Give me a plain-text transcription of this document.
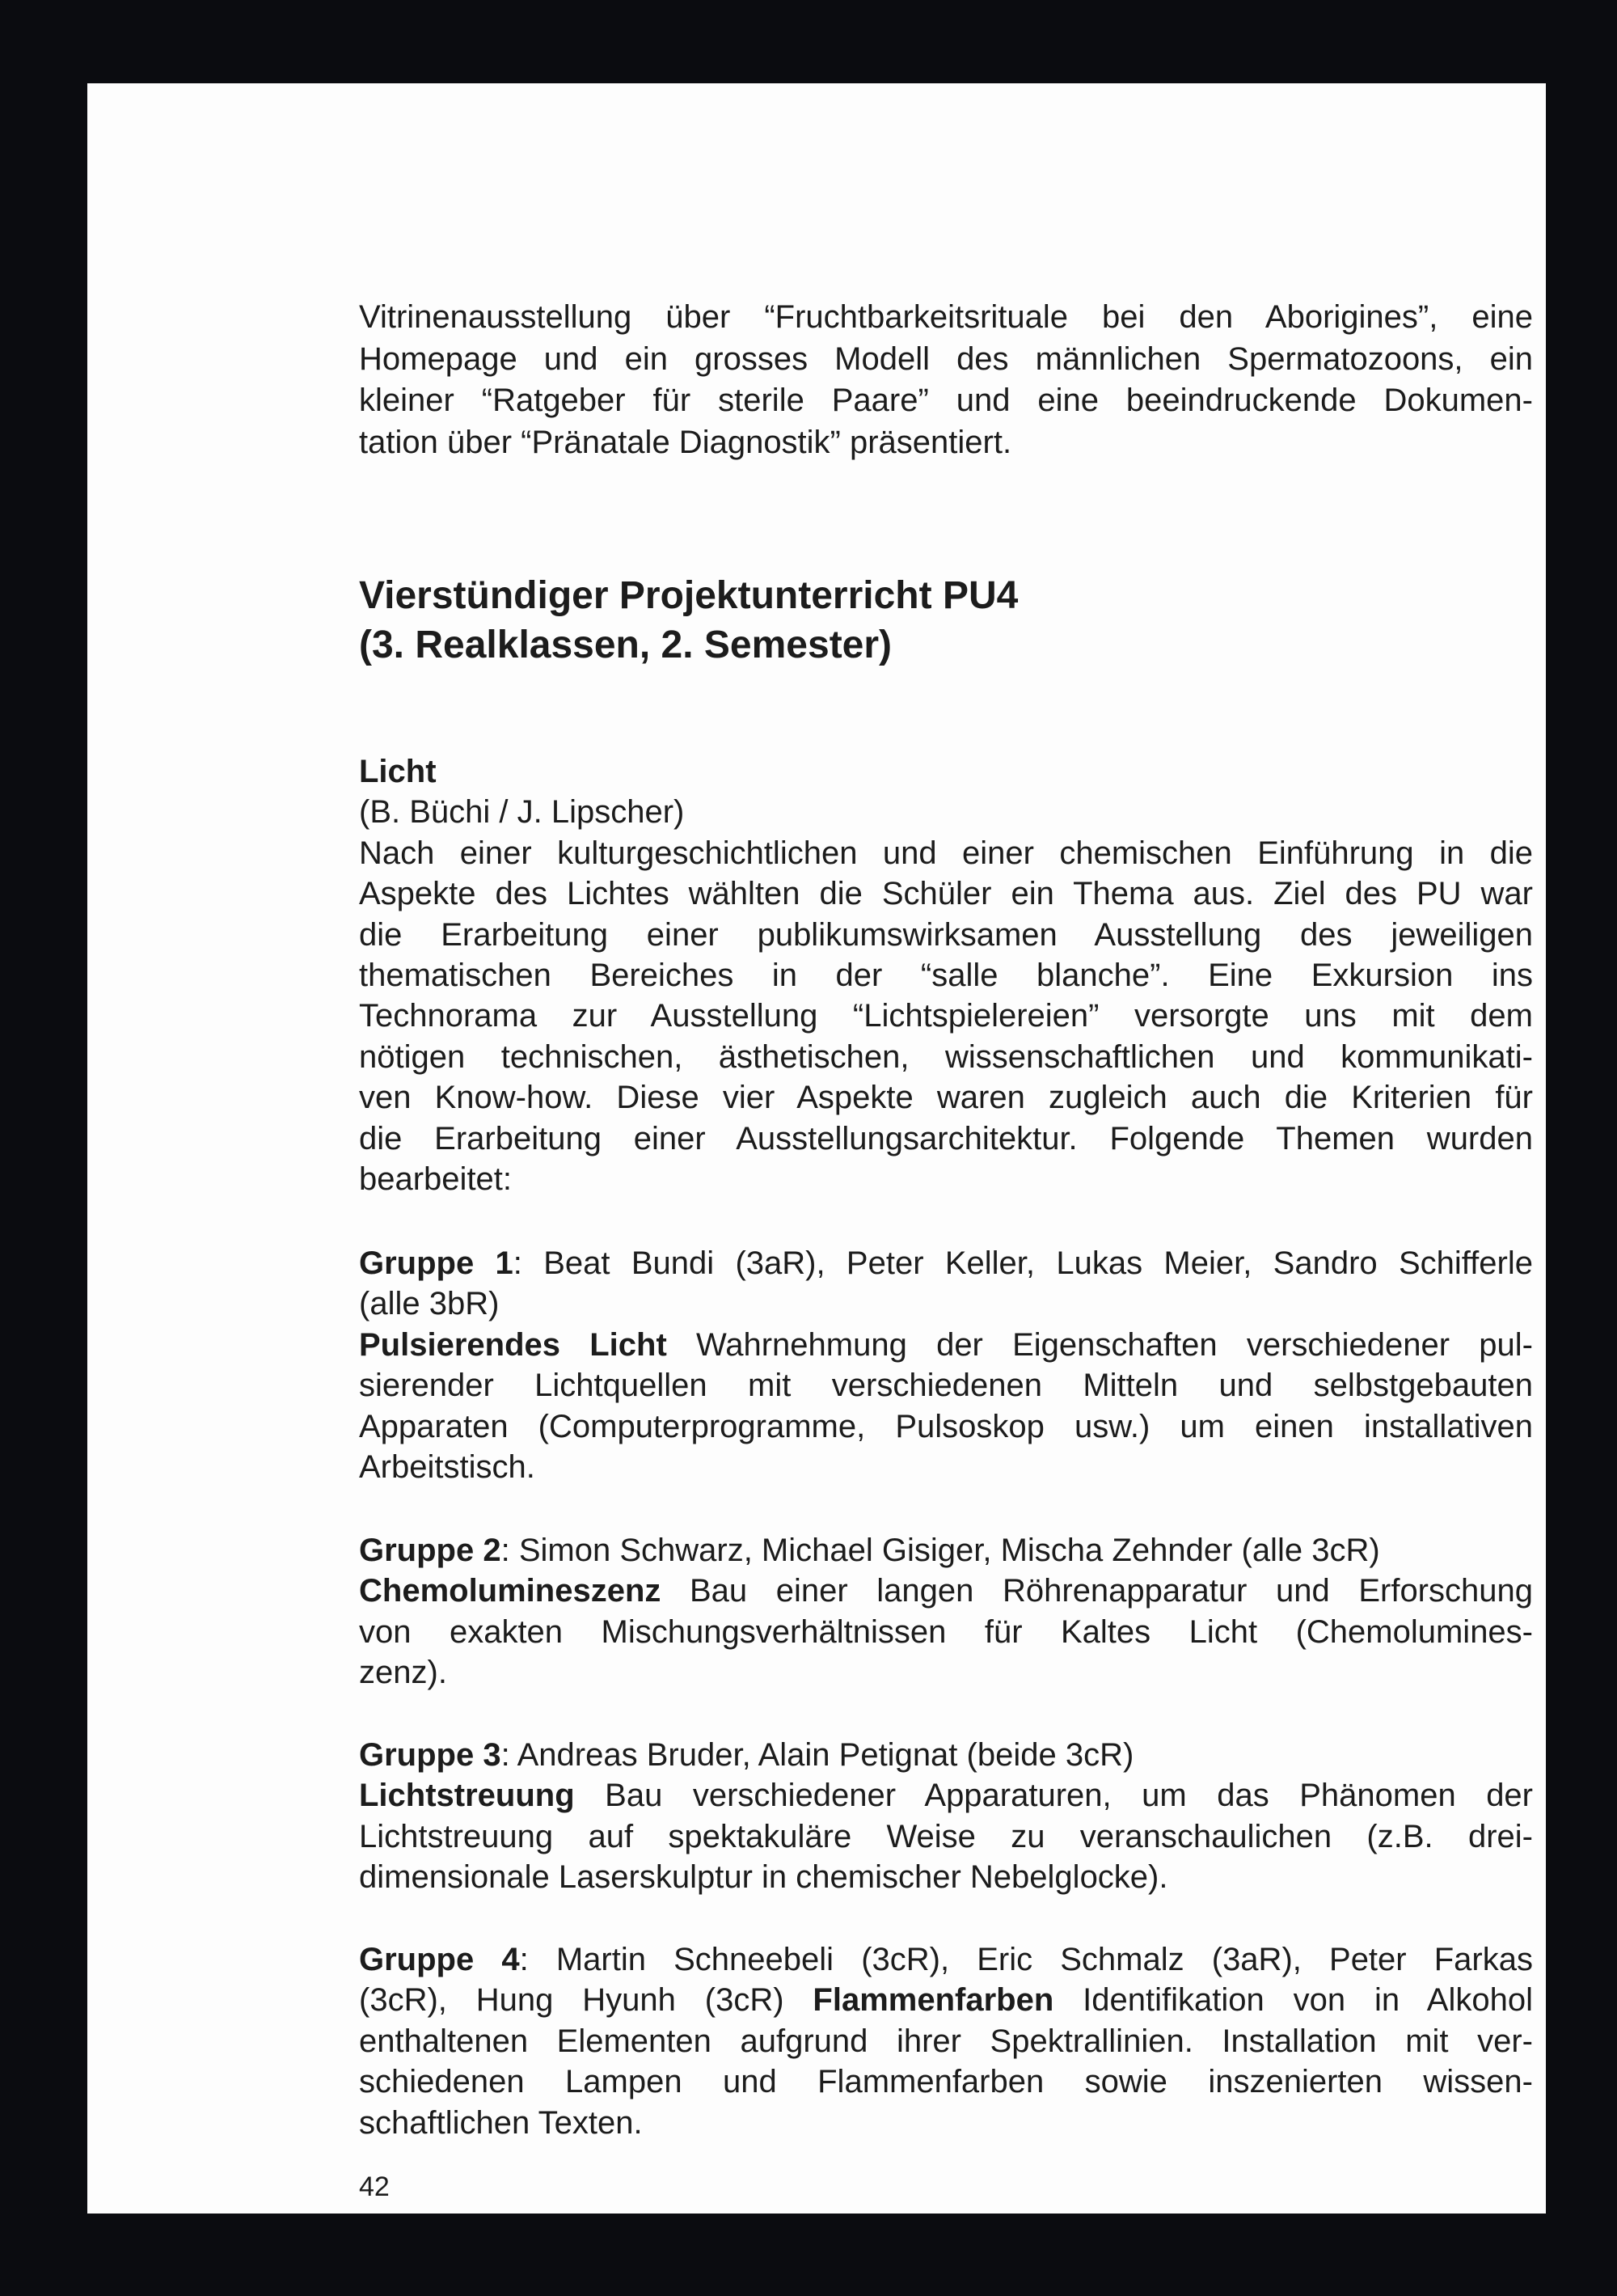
Vitrinenausstellung über “Fruchtbarkeitsrituale bei den Aborigines”, eine
Homepage und ein grosses Modell des männlichen Spermatozoons, ein
kleiner “Ratgeber für sterile Paare” und eine beeindruckende Dokumen-
tation über “Pränatale Diagnostik” präsentiert.
Vierstündiger Projektunterricht PU4
(3. Realklassen, 2. Semester)
Licht
(B. Büchi / J. Lipscher)
Nach einer kulturgeschichtlichen und einer chemischen Einführung in die
Aspekte des Lichtes wählten die Schüler ein Thema aus. Ziel des PU war
die Erarbeitung einer publikumswirksamen Ausstellung des jeweiligen
thematischen Bereiches in der “salle blanche”. Eine Exkursion ins
Technorama zur Ausstellung “Lichtspielereien” versorgte uns mit dem
nötigen technischen, ästhetischen, wissenschaftlichen und kommunikati-
ven Know-how. Diese vier Aspekte waren zugleich auch die Kriterien für
die Erarbeitung einer Ausstellungsarchitektur. Folgende Themen wurden
bearbeitet:
Gruppe 1: Beat Bundi (3aR), Peter Keller, Lukas Meier, Sandro Schifferle
(alle 3bR)
Pulsierendes Licht Wahrnehmung der Eigenschaften verschiedener pul-
sierender Lichtquellen mit verschiedenen Mitteln und selbstgebauten
Apparaten (Computerprogramme, Pulsoskop usw.) um einen installativen
Arbeitstisch.
Gruppe 2: Simon Schwarz, Michael Gisiger, Mischa Zehnder (alle 3cR)
Chemolumineszenz Bau einer langen Röhrenapparatur und Erforschung
von exakten Mischungsverhältnissen für Kaltes Licht (Chemolumines-
zenz).
Gruppe 3: Andreas Bruder, Alain Petignat (beide 3cR)
Lichtstreuung Bau verschiedener Apparaturen, um das Phänomen der
Lichtstreuung auf spektakuläre Weise zu veranschaulichen (z.B. drei-
dimensionale Laserskulptur in chemischer Nebelglocke).
Gruppe 4: Martin Schneebeli (3cR), Eric Schmalz (3aR), Peter Farkas
(3cR), Hung Hyunh (3cR) Flammenfarben Identifikation von in Alkohol
enthaltenen Elementen aufgrund ihrer Spektrallinien. Installation mit ver-
schiedenen Lampen und Flammenfarben sowie inszenierten wissen-
schaftlichen Texten.
42
